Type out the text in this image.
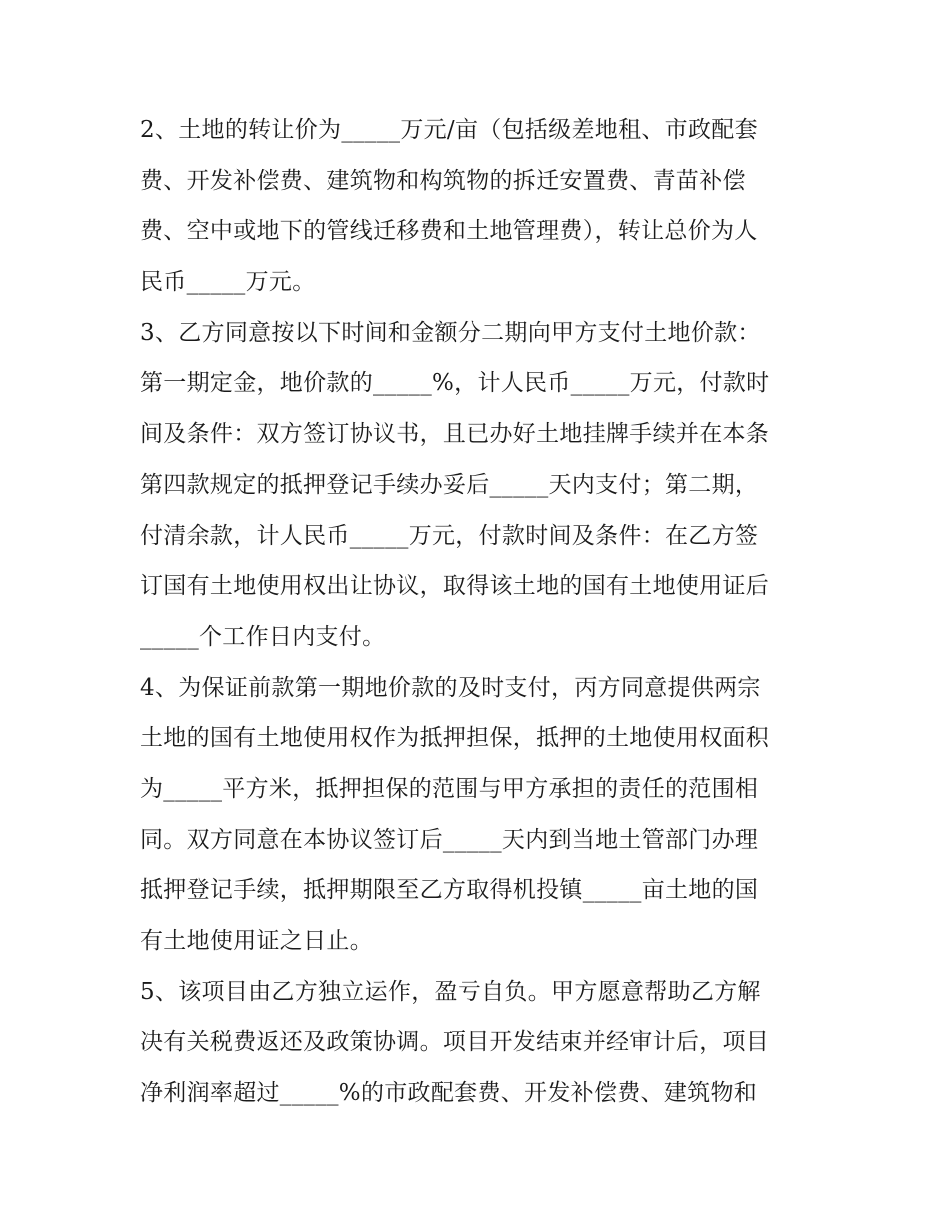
2、土地的转让价为_____万元/亩（包括级差地租、市政配套
费、开发补偿费、建筑物和构筑物的拆迁安置费、青苗补偿
费、空中或地下的管线迁移费和土地管理费），转让总价为人
民币_____万元。
3、乙方同意按以下时间和金额分二期向甲方支付土地价款：
第一期定金，地价款的_____%，计人民币_____万元，付款时
间及条件：双方签订协议书，且已办好土地挂牌手续并在本条
第四款规定的抵押登记手续办妥后_____天内支付；第二期，
付清余款，计人民币_____万元，付款时间及条件：在乙方签
订国有土地使用权出让协议，取得该土地的国有土地使用证后
_____个工作日内支付。
4、为保证前款第一期地价款的及时支付，丙方同意提供两宗
土地的国有土地使用权作为抵押担保，抵押的土地使用权面积
为_____平方米，抵押担保的范围与甲方承担的责任的范围相
同。双方同意在本协议签订后_____天内到当地土管部门办理
抵押登记手续，抵押期限至乙方取得机投镇_____亩土地的国
有土地使用证之日止。
5、该项目由乙方独立运作，盈亏自负。甲方愿意帮助乙方解
决有关税费返还及政策协调。项目开发结束并经审计后，项目
净利润率超过_____%的市政配套费、开发补偿费、建筑物和
